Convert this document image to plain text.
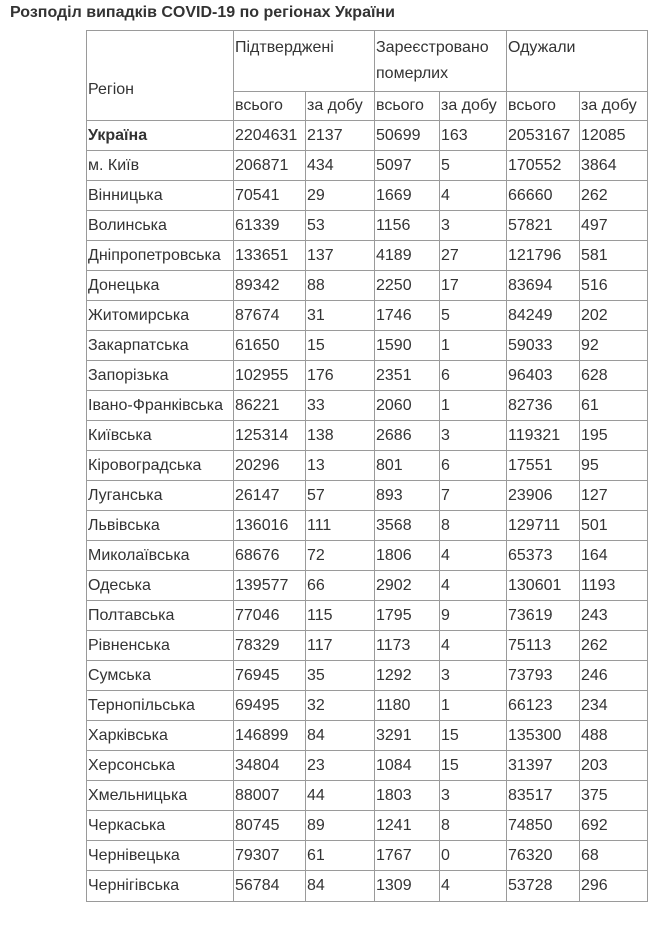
Розподіл випадків COVID-19 по регіонах України
Регіон	Підтверджені		Зареєстровано померлих		Одужали	
	всього	за добу	всього	за добу	всього	за добу
Україна	2204631	2137	50699	163	2053167	12085
м. Київ	206871	434	5097	5	170552	3864
Вінницька	70541	29	1669	4	66660	262
Волинська	61339	53	1156	3	57821	497
Дніпропетровська	133651	137	4189	27	121796	581
Донецька	89342	88	2250	17	83694	516
Житомирська	87674	31	1746	5	84249	202
Закарпатська	61650	15	1590	1	59033	92
Запорізька	102955	176	2351	6	96403	628
Івано-Франківська	86221	33	2060	1	82736	61
Київська	125314	138	2686	3	119321	195
Кіровоградська	20296	13	801	6	17551	95
Луганська	26147	57	893	7	23906	127
Львівська	136016	111	3568	8	129711	501
Миколаївська	68676	72	1806	4	65373	164
Одеська	139577	66	2902	4	130601	1193
Полтавська	77046	115	1795	9	73619	243
Рівненська	78329	117	1173	4	75113	262
Сумська	76945	35	1292	3	73793	246
Тернопільська	69495	32	1180	1	66123	234
Харківська	146899	84	3291	15	135300	488
Херсонська	34804	23	1084	15	31397	203
Хмельницька	88007	44	1803	3	83517	375
Черкаська	80745	89	1241	8	74850	692
Чернівецька	79307	61	1767	0	76320	68
Чернігівська	56784	84	1309	4	53728	296
